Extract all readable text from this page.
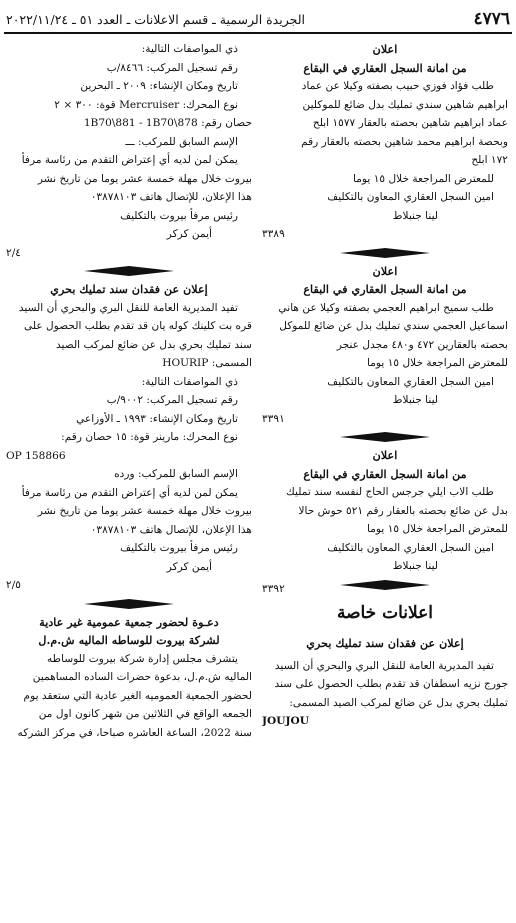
٤٧٧٦
الجريدة الرسمية ـ قسم الاعلانات ـ العدد ٥١ ـ ٢٠٢٢/١١/٢٤
اعلان
من امانة السجل العقاري في البقاع
طلب فؤاد فوزي حبيب بصفته وكيلا عن عماد
ابراهيم شاهين سندي تمليك بدل ضائع للموكلين
عماد ابراهيم شاهين بحصته بالعقار ١٥٧٧ ابلح
وبحصة ابراهيم محمد شاهين بحصته بالعقار رقم
١٧٢ ابلح
للمعترض المراجعة خلال ١٥ يوما
امين السجل العقاري المعاون بالتكليف
لينا جنبلاط
٣٣٨٩
اعلان
من امانة السجل العقاري في البقاع
طلب سميح ابراهيم العجمي بصفته وكيلا عن هاني
اسماعيل العجمي سندي تمليك بدل عن ضائع للموكل
بحصته بالعقارين ٤٧٢ و٤٨٠ مجدل عنجر
للمعترض المراجعة خلال ١٥ يوما
امين السجل العقاري المعاون بالتكليف
لينا جنبلاط
٣٣٩١
اعلان
من امانة السجل العقاري في البقاع
طلب الاب ايلي جرجس الحاج لنفسه سند تمليك
بدل عن ضائع بحصته بالعقار رقم ٥٢١ حوش حالا
للمعترض المراجعة خلال ١٥ يوما
امين السجل العقاري المعاون بالتكليف
لينا جنبلاط
٣٣٩٢
اعلانات خاصة
إعلان عن فقدان سند تمليك بحري
تفيد المديرية العامة للنقل البري والبحري أن السيد
جورج نزيه اسطفان قد تقدم بطلب الحصول على سند
تمليك بحري بدل عن ضائع لمركب الصيد المسمى:
JOUJOU
ذي المواصفات التالية:
رقم تسجيل المركب: ٨٤٦٦/ب
تاريخ ومكان الإنشاء: ٢٠٠٩ ـ البحرين
نوع المحرك: Mercruiser قوة: ٣٠٠ × ٢
حصان رقم: 1B70\881 - 1B70\878
الإسم السابق للمركب: ـــ
يمكن لمن لديه أي إعتراض التقدم من رئاسة مرفأ
بيروت خلال مهلة خمسة عشر يوما من تاريخ نشر
هذا الإعلان، للإتصال هاتف ٠٣٨٧٨١٠٣
رئيس مرفأ بيروت بالتكليف
أيمن كركر
٢/٤
إعلان عن فقدان سند تمليك بحري
تفيد المديرية العامة للنقل البري والبحري أن السيد
قره بت كلينك كوله يان قد تقدم بطلب الحصول على
سند تمليك بحري بدل عن ضائع لمركب الصيد
المسمى: HOURIP
ذي المواصفات التالية:
رقم تسجيل المركب: ٩٠٠٢/ب
تاريخ ومكان الإنشاء: ١٩٩٣ ـ الأوزاعي
نوع المحرك: مارينر قوة: ١٥ حصان رقم:
OP 158866
الإسم السابق للمركب: ورده
يمكن لمن لديه أي إعتراض التقدم من رئاسة مرفأ
بيروت خلال مهلة خمسة عشر يوما من تاريخ نشر
هذا الإعلان، للإتصال هاتف ٠٣٨٧٨١٠٣
رئيس مرفأ بيروت بالتكليف
أيمن كركر
٢/٥
دعـوة لحضور جمعية عمومية غير عادية
لشركة بيروت للوساطه الماليه ش.م.ل
يتشرف مجلس إدارة شركة بيروت للوساطه
الماليه ش.م.ل، بدعوة حضرات الساده المساهمين
لحضور الجمعية العموميه الغير عادية التي ستعقد يوم
الجمعه الواقع في الثلاثين من شهر كانون اول من
سنة 2022، الساعة العاشره صباحا، في مركز الشركه
